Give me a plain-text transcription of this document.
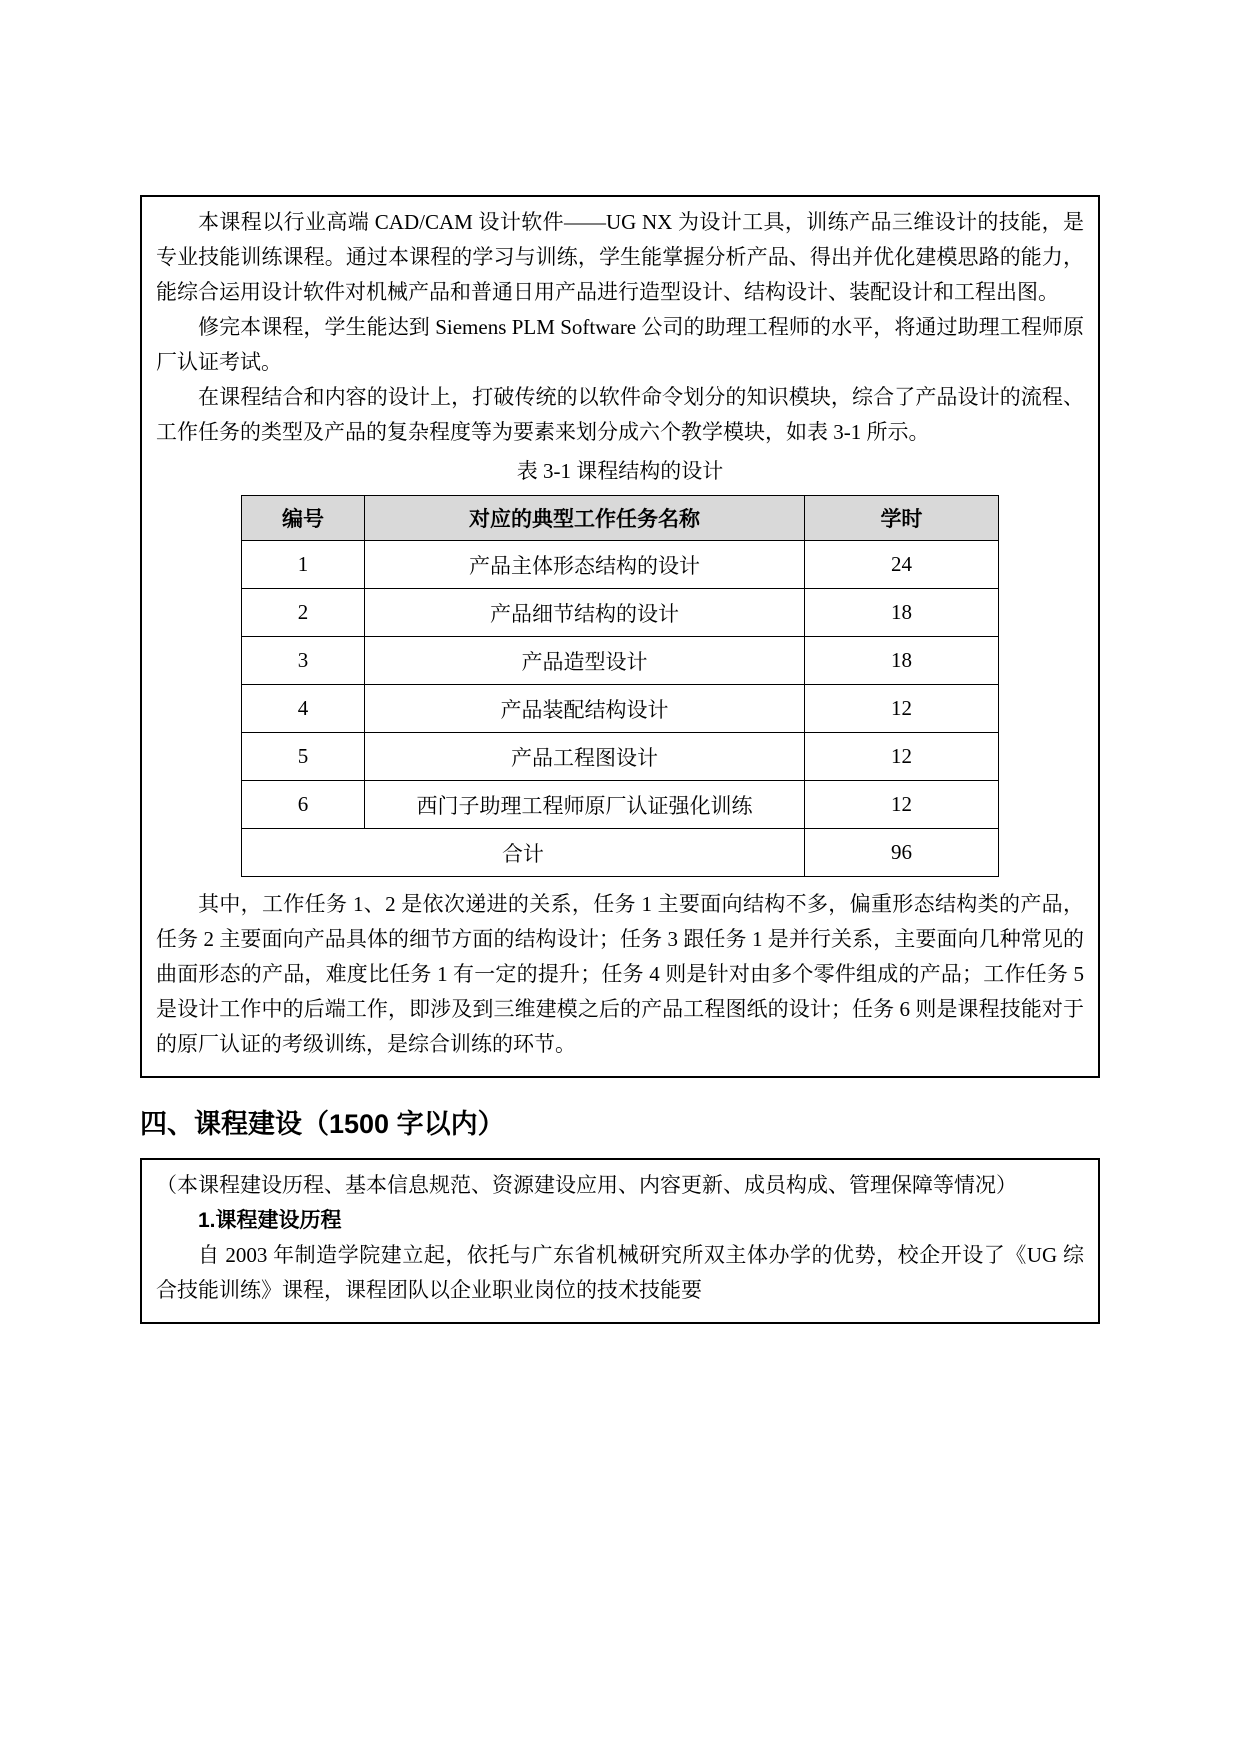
本课程以行业高端 CAD/CAM 设计软件——UG NX 为设计工具，训练产品三维设计的技能，是专业技能训练课程。通过本课程的学习与训练，学生能掌握分析产品、得出并优化建模思路的能力，能综合运用设计软件对机械产品和普通日用产品进行造型设计、结构设计、装配设计和工程出图。

修完本课程，学生能达到 Siemens PLM Software 公司的助理工程师的水平，将通过助理工程师原厂认证考试。

在课程结合和内容的设计上，打破传统的以软件命令划分的知识模块，综合了产品设计的流程、工作任务的类型及产品的复杂程度等为要素来划分成六个教学模块，如表 3-1 所示。

表 3-1 课程结构的设计

编号	对应的典型工作任务名称	学时
1	产品主体形态结构的设计	24
2	产品细节结构的设计	18
3	产品造型设计	18
4	产品装配结构设计	12
5	产品工程图设计	12
6	西门子助理工程师原厂认证强化训练	12
合计		96

其中，工作任务 1、2 是依次递进的关系，任务 1 主要面向结构不多，偏重形态结构类的产品，任务 2 主要面向产品具体的细节方面的结构设计；任务 3 跟任务 1 是并行关系，主要面向几种常见的曲面形态的产品，难度比任务 1 有一定的提升；任务 4 则是针对由多个零件组成的产品；工作任务 5 是设计工作中的后端工作，即涉及到三维建模之后的产品工程图纸的设计；任务 6 则是课程技能对于的原厂认证的考级训练，是综合训练的环节。

四、课程建设（1500 字以内）

（本课程建设历程、基本信息规范、资源建设应用、内容更新、成员构成、管理保障等情况）

1.课程建设历程

自 2003 年制造学院建立起，依托与广东省机械研究所双主体办学的优势，校企开设了《UG 综合技能训练》课程，课程团队以企业职业岗位的技术技能要
